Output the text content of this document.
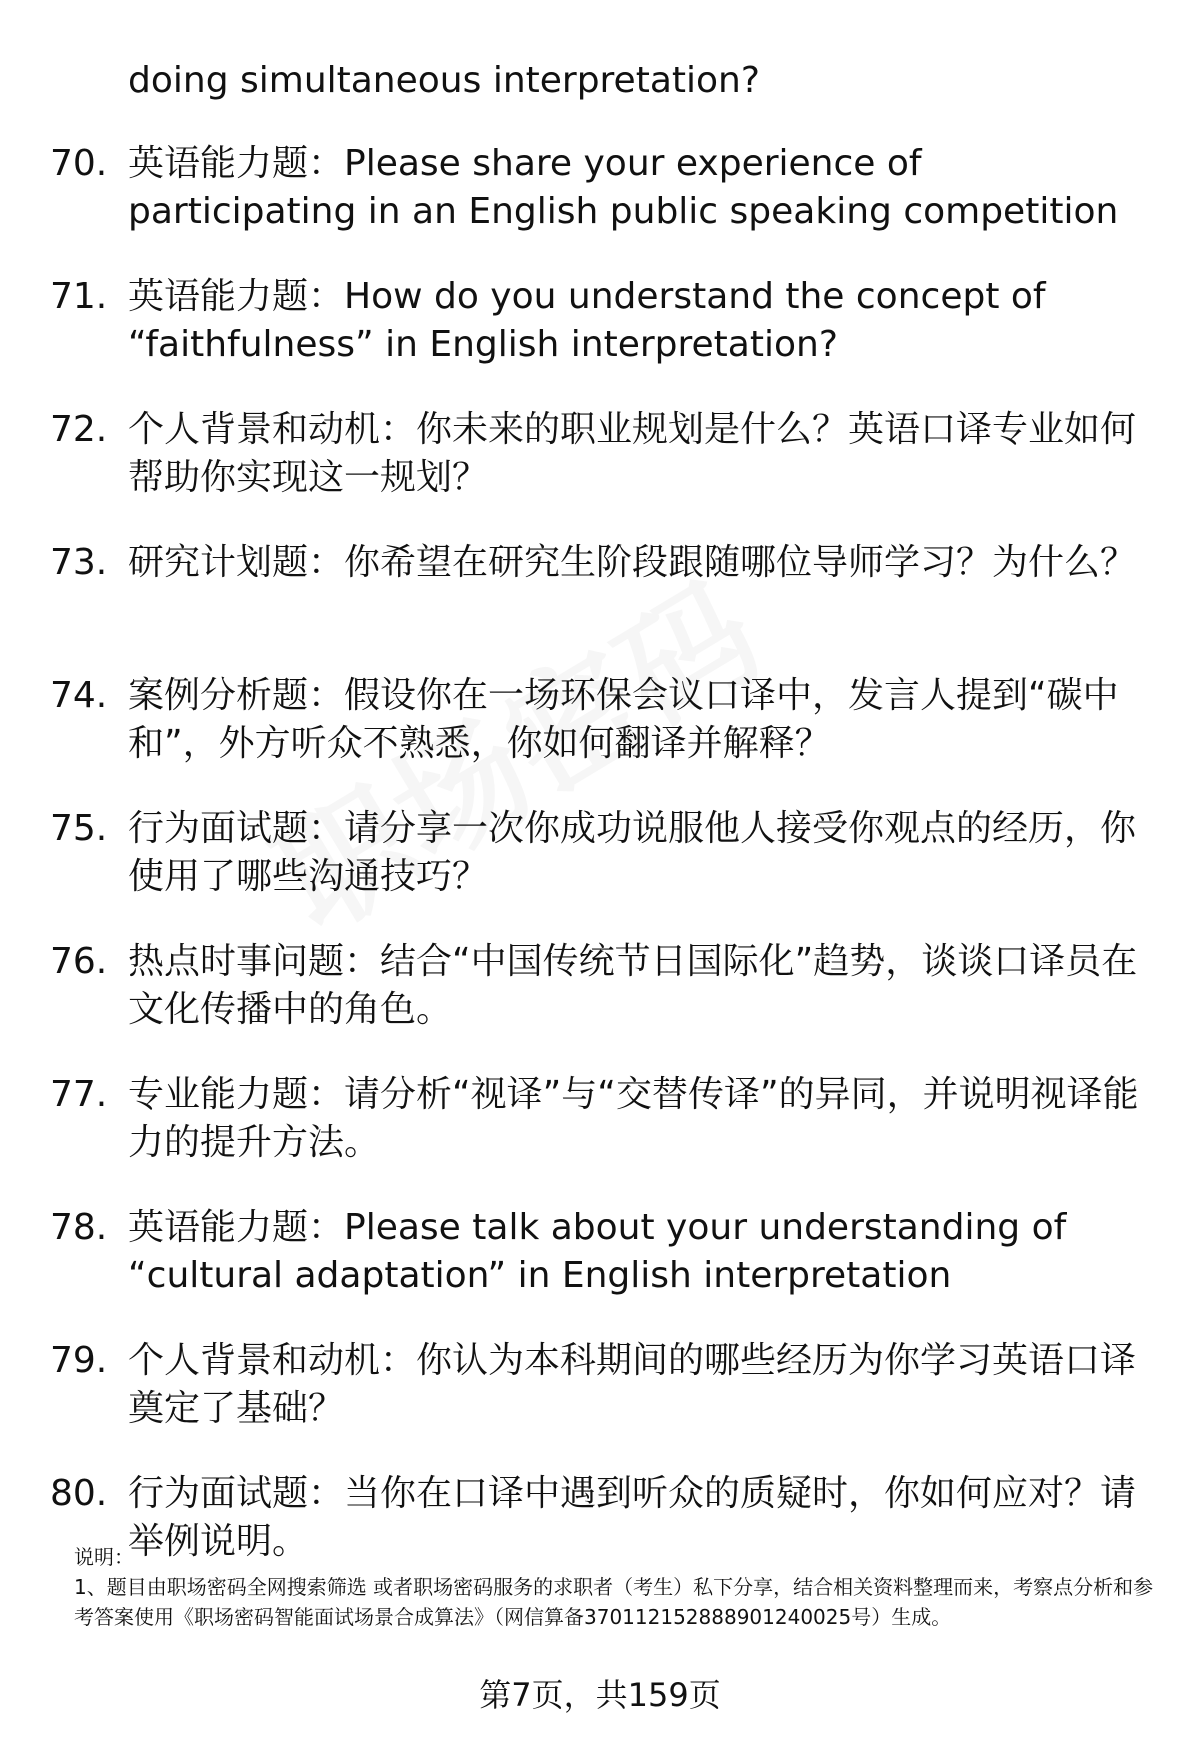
doing simultaneous interpretation?

70. 英语能力题：Please share your experience of participating in an English public speaking competition
71. 英语能力题：How do you understand the concept of “faithfulness” in English interpretation?
72. 个人背景和动机：你未来的职业规划是什么？英语口译专业如何帮助你实现这一规划？
73. 研究计划题：你希望在研究生阶段跟随哪位导师学习？为什么？
74. 案例分析题：假设你在一场环保会议口译中，发言人提到“碳中和”，外方听众不熟悉，你如何翻译并解释？
75. 行为面试题：请分享一次你成功说服他人接受你观点的经历，你使用了哪些沟通技巧？
76. 热点时事问题：结合“中国传统节日国际化”趋势，谈谈口译员在文化传播中的角色。
77. 专业能力题：请分析“视译”与“交替传译”的异同，并说明视译能力的提升方法。
78. 英语能力题：Please talk about your understanding of “cultural adaptation” in English interpretation
79. 个人背景和动机：你认为本科期间的哪些经历为你学习英语口译奠定了基础？
80. 行为面试题：当你在口译中遇到听众的质疑时，你如何应对？请举例说明。

说明：

1、题目由职场密码全网搜索筛选 或者职场密码服务的求职者（考生）私下分享，结合相关资料整理而来，考察点分析和参考答案使用《职场密码智能面试场景合成算法》（网信算备370112152888901240025号）生成。

第7页，共159页
